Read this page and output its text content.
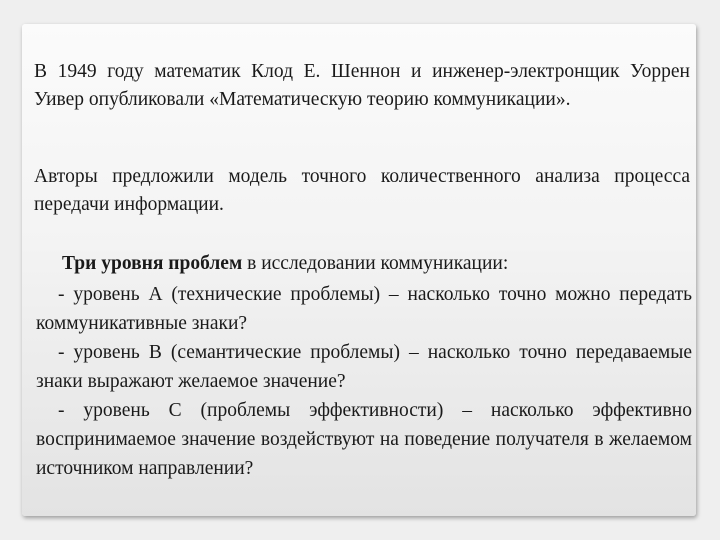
В 1949 году математик Клод Е. Шеннон и инженер-электронщик Уоррен Уивер опубликовали «Математическую теорию коммуникации».
Авторы предложили модель точного количественного анализа процесса передачи информации.
Три уровня проблем в исследовании коммуникации:
- уровень А (технические проблемы) – насколько точно можно передать коммуникативные знаки?
- уровень В (семантические проблемы) – насколько точно передаваемые знаки выражают желаемое значение?
- уровень С (проблемы эффективности) – насколько эффективно воспринимаемое значение воздействуют на поведение получателя в желаемом источником направлении?
